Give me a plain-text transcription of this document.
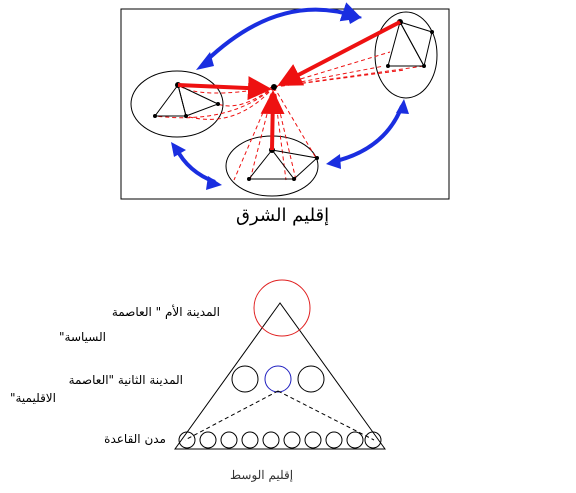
إقليم الشرق
المدينة الأم " العاصمة
السياسة"
المدينة الثانية "العاصمة
الاقليمية"
مدن القاعدة
إقليم الوسط
